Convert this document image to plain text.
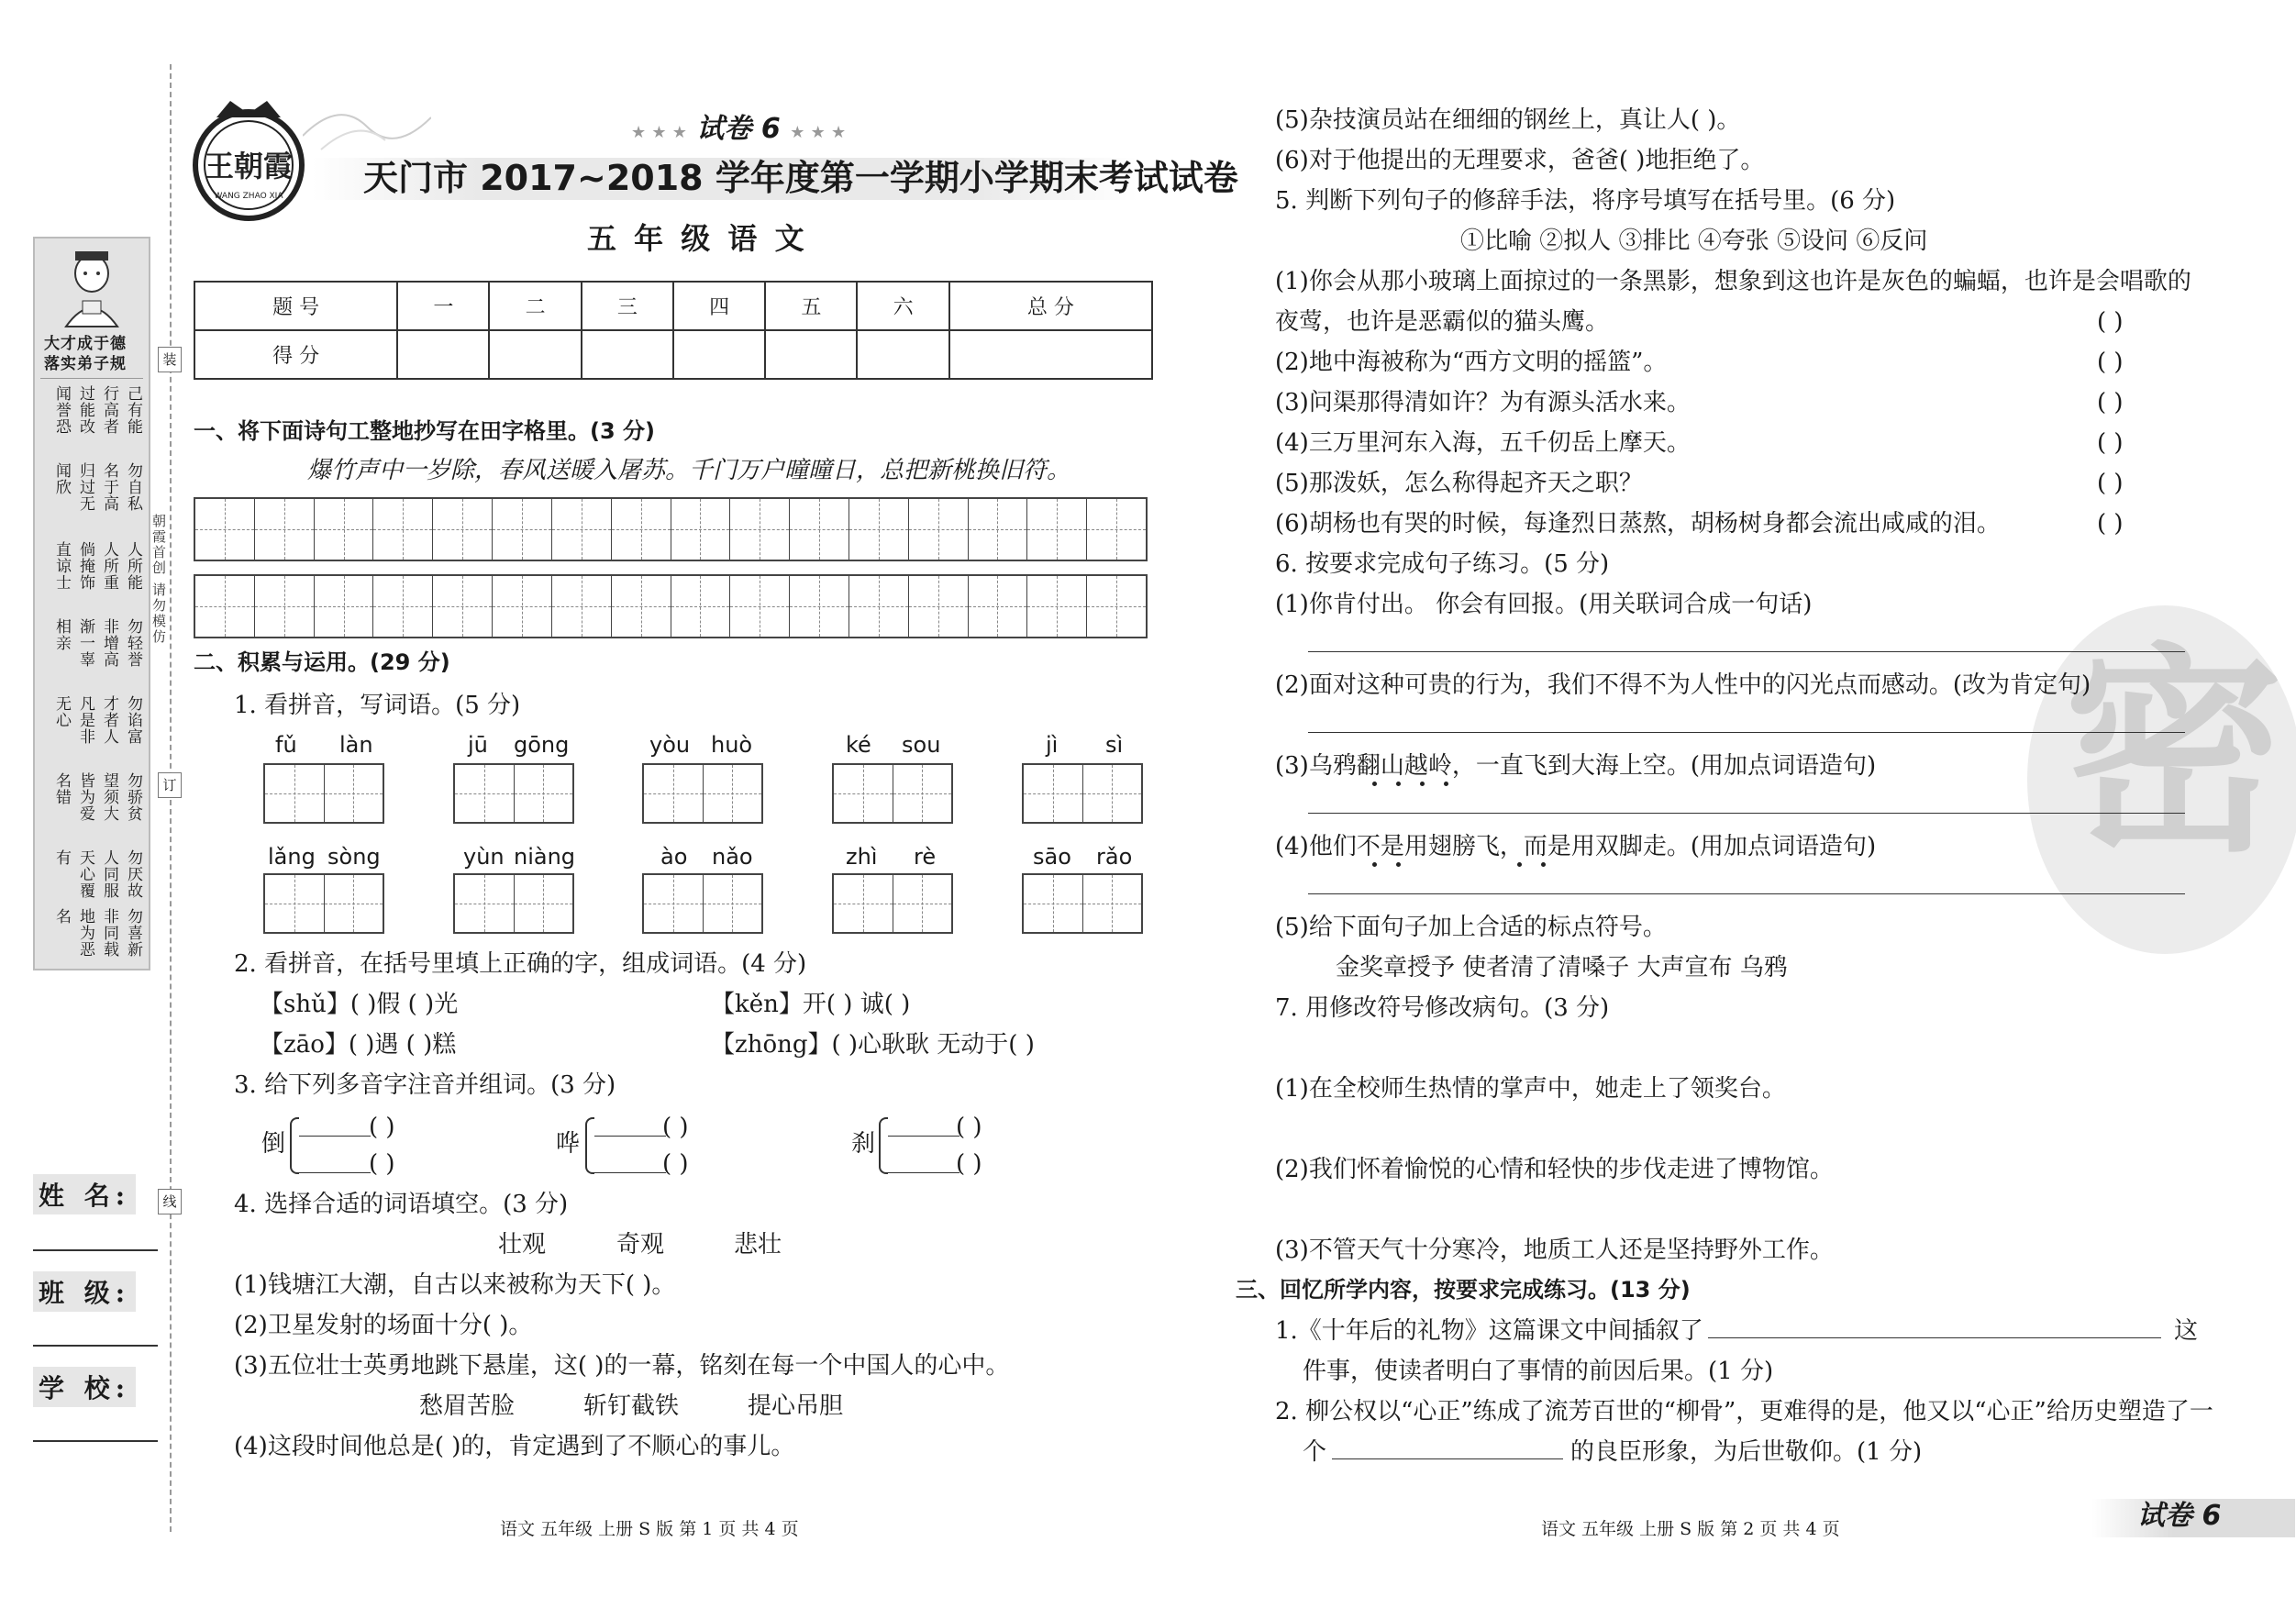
装
订
线
朝霞首创 请勿模仿
大才成于德
落实弟子规
己有能
行高者
过能改
闻誉恐
勿自私
名于高
归过无
闻欣
人所能
人所重
倘掩饰
直谅士
勿轻誉
非增高
渐一辜
相亲
勿谄富
才者人
凡是非
无心
勿骄贫
望须大
皆为爱
名错
勿厌故
人同服
天心覆
有
勿喜新
非同载
地为恶
名
姓 名:
班 级:
学 校:
王朝霞
WANG ZHAO XIA
★ ★ ★ 试卷 6 ★ ★ ★
天门市 2017~2018 学年度第一学期小学期末考试试卷
五 年 级 语 文
题 号	一	二	三	四	五	六	总 分
得 分							
一、将下面诗句工整地抄写在田字格里。(3 分)
爆竹声中一岁除，春风送暖入屠苏。千门万户曈曈日，总把新桃换旧符。
二、积累与运用。(29 分)
1. 看拼音，写词语。(5 分)
fǔ làn	jū gōng	yòu huò	ké sou	jì sì
lǎng sòng	yùn niàng	ào nǎo	zhì rè	sāo rǎo
2. 看拼音，在括号里填上正确的字，组成词语。(4 分)
【shǔ】( )假 ( )光	【kěn】开( ) 诚( )
【zāo】( )遇 ( )糕	【zhōng】( )心耿耿 无动于( )
3. 给下列多音字注音并组词。(3 分)
倒
( )
( )
哗
( )
( )
刹
( )
( )
4. 选择合适的词语填空。(3 分)
壮观	奇观	悲壮
(1)钱塘江大潮，自古以来被称为天下( )。
(2)卫星发射的场面十分( )。
(3)五位壮士英勇地跳下悬崖，这( )的一幕，铭刻在每一个中国人的心中。
愁眉苦脸	斩钉截铁	提心吊胆
(4)这段时间他总是( )的，肯定遇到了不顺心的事儿。
语文 五年级 上册 S 版 第 1 页 共 4 页
密
(5)杂技演员站在细细的钢丝上，真让人( )。
(6)对于他提出的无理要求，爸爸( )地拒绝了。
5. 判断下列句子的修辞手法，将序号填写在括号里。(6 分)
①比喻 ②拟人 ③排比 ④夸张 ⑤设问 ⑥反问
(1)你会从那小玻璃上面掠过的一条黑影，想象到这也许是灰色的蝙蝠，也许是会唱歌的
夜莺，也许是恶霸似的猫头鹰。	( )
(2)地中海被称为“西方文明的摇篮”。	( )
(3)问渠那得清如许？为有源头活水来。	( )
(4)三万里河东入海，五千仞岳上摩天。	( )
(5)那泼妖，怎么称得起齐天之职？	( )
(6)胡杨也有哭的时候，每逢烈日蒸熬，胡杨树身都会流出咸咸的泪。	( )
6. 按要求完成句子练习。(5 分)
(1)你肯付出。 你会有回报。(用关联词合成一句话)
(2)面对这种可贵的行为，我们不得不为人性中的闪光点而感动。(改为肯定句)
(3)乌鸦翻山越岭，一直飞到大海上空。(用加点词语造句)
(4)他们不是用翅膀飞，而是用双脚走。(用加点词语造句)
(5)给下面句子加上合适的标点符号。
金奖章授予 使者清了清嗓子 大声宣布 乌鸦
7. 用修改符号修改病句。(3 分)
(1)在全校师生热情的掌声中，她走上了领奖台。
(2)我们怀着愉悦的心情和轻快的步伐走进了博物馆。
(3)不管天气十分寒冷，地质工人还是坚持野外工作。
三、回忆所学内容，按要求完成练习。(13 分)
1.《十年后的礼物》这篇课文中间插叙了	这
件事，使读者明白了事情的前因后果。(1 分)
2. 柳公权以“心正”练成了流芳百世的“柳骨”，更难得的是，他又以“心正”给历史塑造了一
个	的良臣形象，为后世敬仰。(1 分)
语文 五年级 上册 S 版 第 2 页 共 4 页	试卷 6
